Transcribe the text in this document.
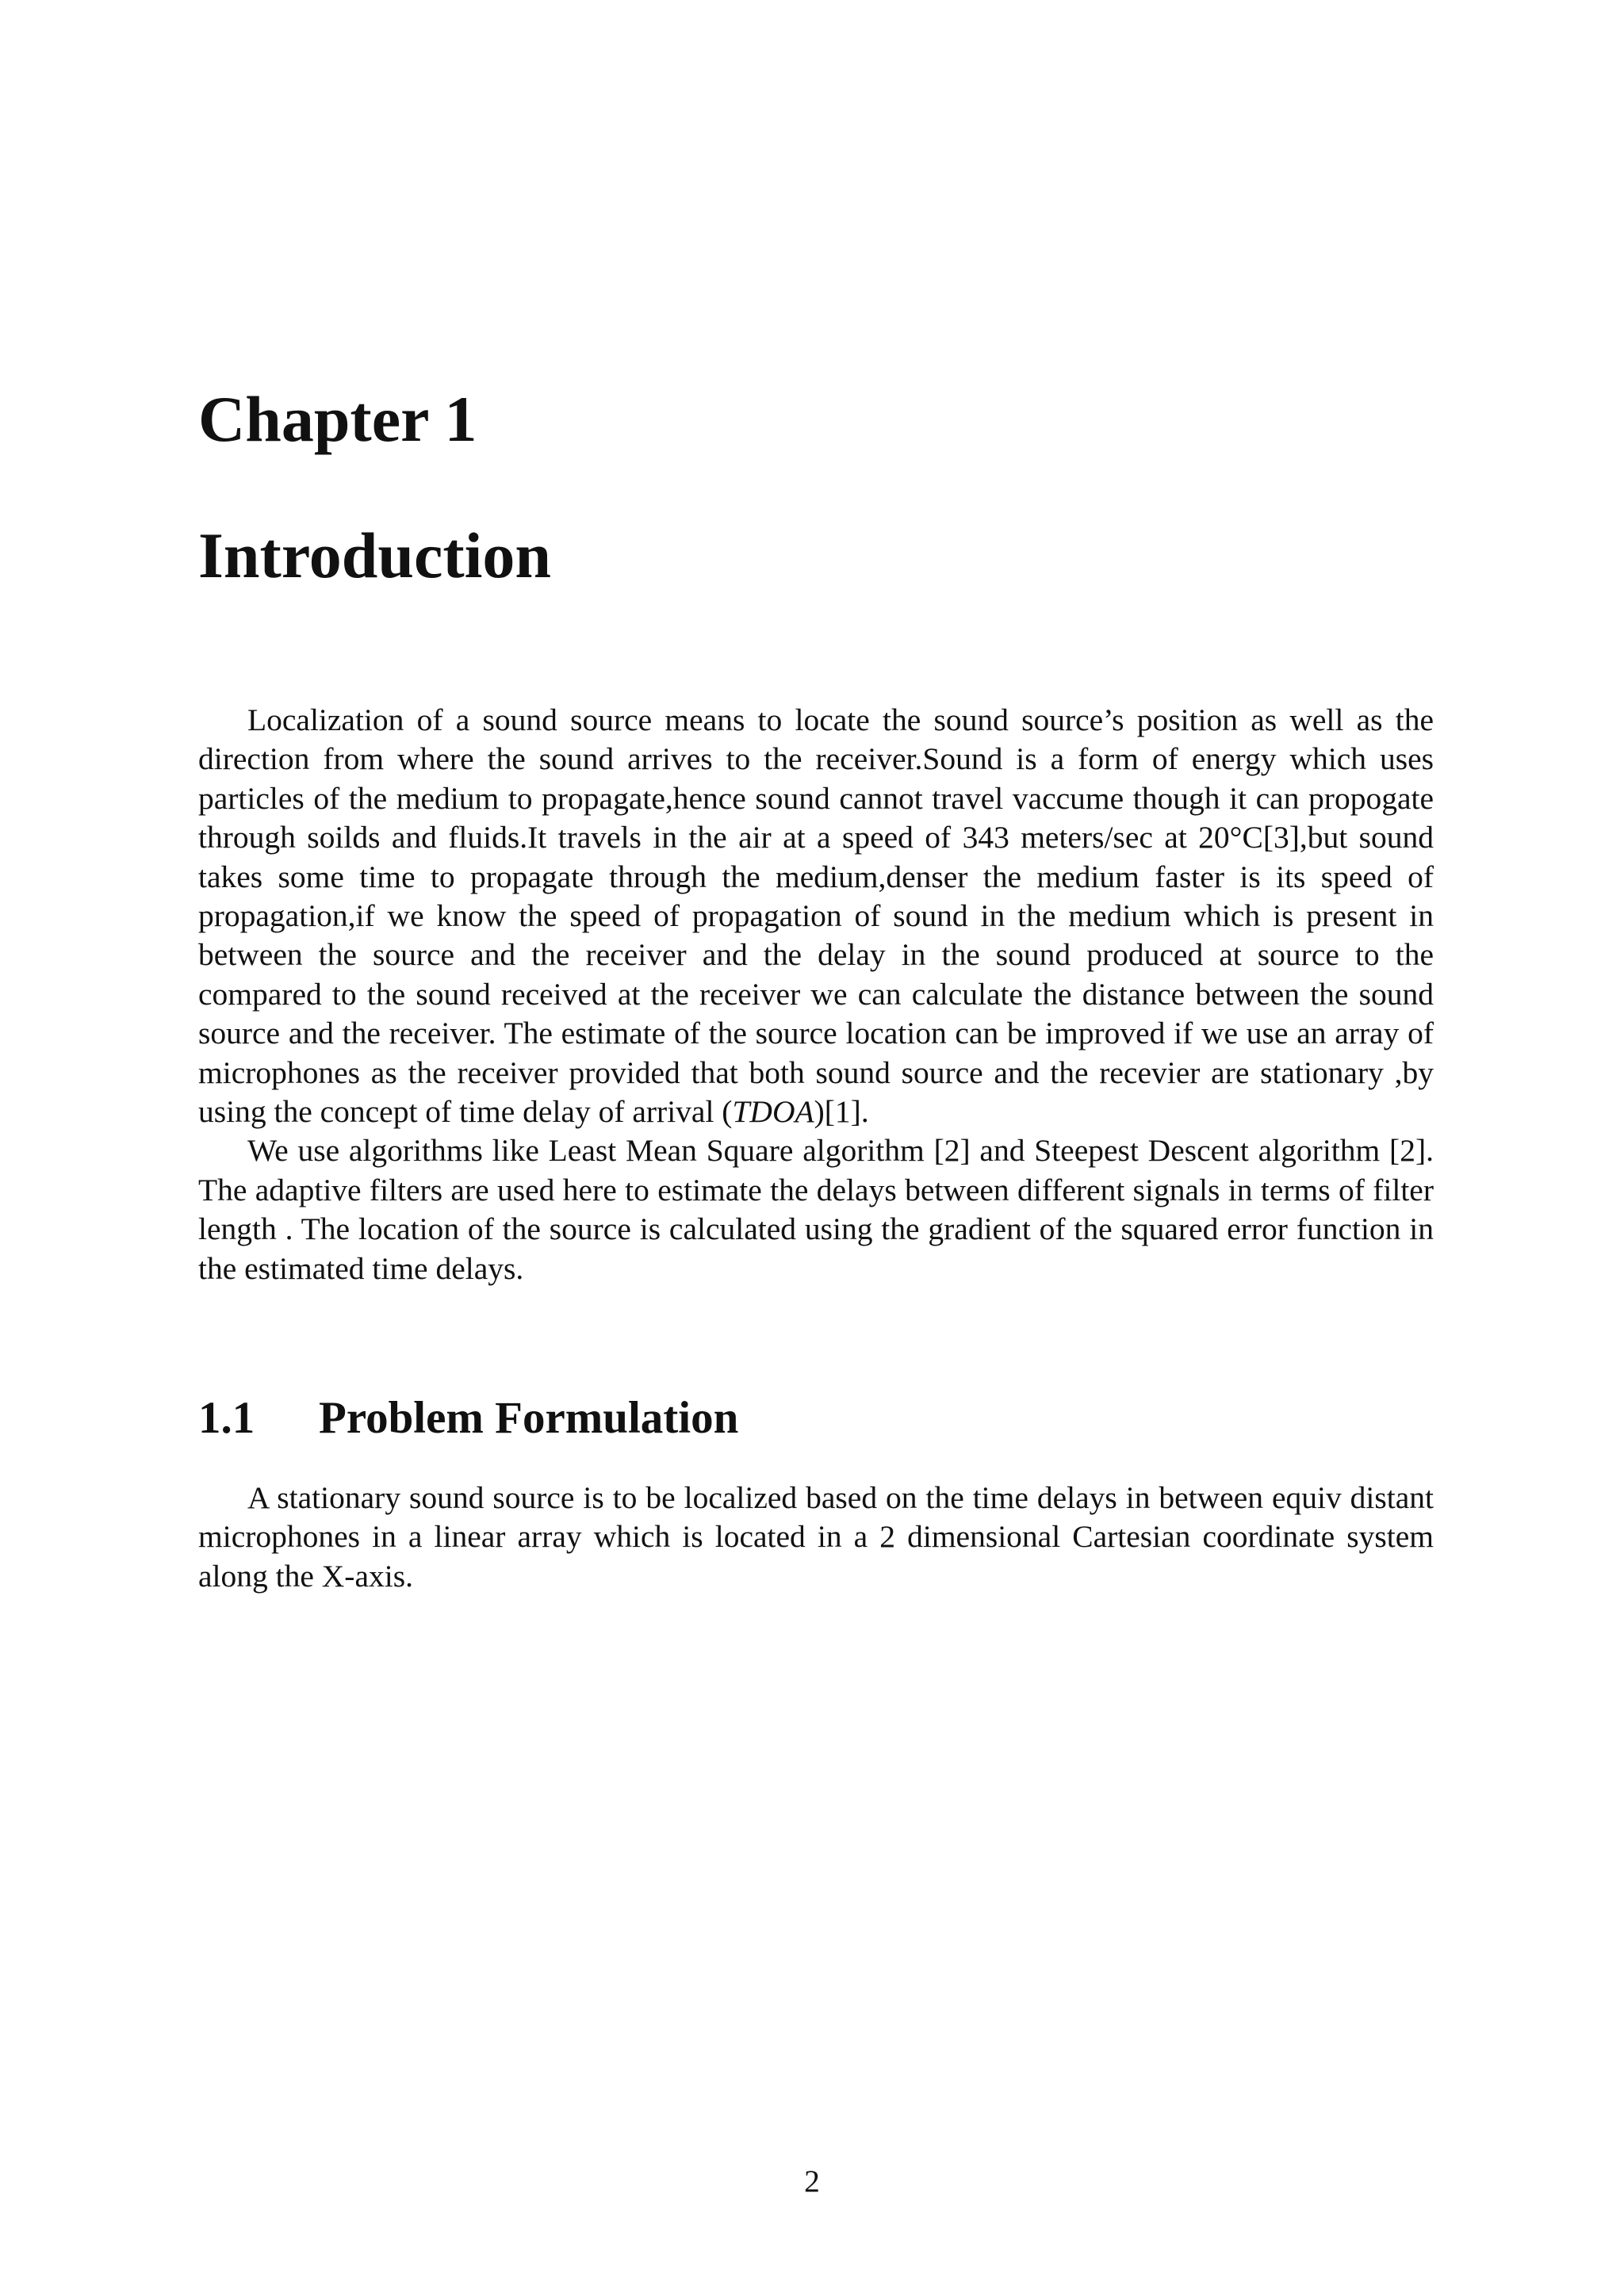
Chapter 1
Introduction

Localization of a sound source means to locate the sound source’s position as well as the direction from where the sound arrives to the receiver.Sound is a form of energy which uses particles of the medium to propagate,hence sound cannot travel vaccume though it can propogate through soilds and fluids.It travels in the air at a speed of 343 meters/sec at 20°C[3],but sound takes some time to propagate through the medium,denser the medium faster is its speed of propagation,if we know the speed of propagation of sound in the medium which is present in between the source and the receiver and the delay in the sound produced at source to the compared to the sound received at the receiver we can calculate the distance between the sound source and the receiver. The estimate of the source location can be improved if we use an array of microphones as the receiver provided that both sound source and the recevier are stationary ,by using the concept of time delay of arrival (TDOA)[1].

We use algorithms like Least Mean Square algorithm [2] and Steepest Descent algorithm [2]. The adaptive filters are used here to estimate the delays between different signals in terms of filter length . The location of the source is calculated using the gradient of the squared error function in the estimated time delays.

1.1 Problem Formulation

A stationary sound source is to be localized based on the time delays in between equiv distant microphones in a linear array which is located in a 2 dimensional Cartesian coordinate system along the X-axis.

2
